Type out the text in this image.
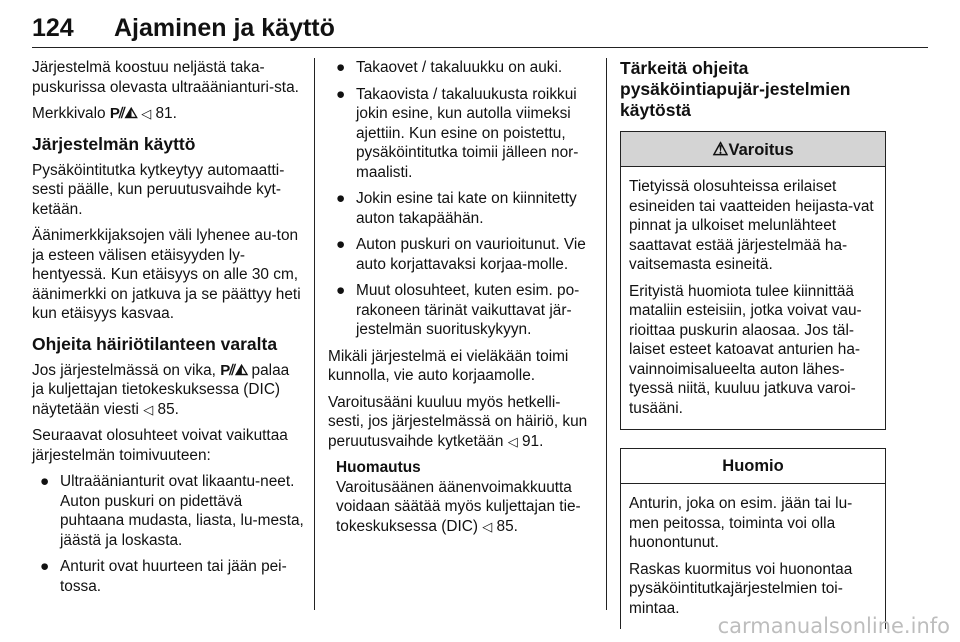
124 Ajaminen ja käyttö

Järjestelmä koostuu neljästä taka-puskurissa olevasta ultraäänianturi-sta.

Merkkivalo P⫽◭ ◁ 81.

Järjestelmän käyttö

Pysäköintitutka kytkeytyy automaatti-sesti päälle, kun peruutusvaihde kyt-ketään.

Äänimerkkijaksojen väli lyhenee au-ton ja esteen välisen etäisyyden ly-hentyessä. Kun etäisyys on alle 30 cm, äänimerkki on jatkuva ja se päättyy heti kun etäisyys kasvaa.

Ohjeita häiriötilanteen varalta

Jos järjestelmässä on vika, P⫽◭ palaa ja kuljettajan tietokeskuksessa (DIC) näytetään viesti ◁ 85.

Seuraavat olosuhteet voivat vaikuttaa järjestelmän toimivuuteen:

● Ultraäänianturit ovat likaantu-neet. Auton puskuri on pidettävä puhtaana mudasta, liasta, lu-mesta, jäästä ja loskasta.
● Anturit ovat huurteen tai jään pei-tossa.
● Takaovet / takaluukku on auki.
● Takaovista / takaluukusta roikkui jokin esine, kun autolla viimeksi ajettiin. Kun esine on poistettu, pysäköintitutka toimii jälleen nor-maalisti.
● Jokin esine tai kate on kiinnitetty auton takapäähän.
● Auton puskuri on vaurioitunut. Vie auto korjattavaksi korjaa-molle.
● Muut olosuhteet, kuten esim. po-rakoneen tärinät vaikuttavat jär-jestelmän suorituskykyyn.

Mikäli järjestelmä ei vieläkään toimi kunnolla, vie auto korjaamolle.

Varoitusääni kuuluu myös hetkelli-sesti, jos järjestelmässä on häiriö, kun peruutusvaihde kytketään ◁ 91.

Huomautus
Varoitusäänen äänenvoimakkuutta voidaan säätää myös kuljettajan tie-tokeskuksessa (DIC) ◁ 85.
Tärkeitä ohjeita pysäköintiapujär-jestelmien käytöstä
⚠Varoitus

Tietyissä olosuhteissa erilaiset esineiden tai vaatteiden heijasta-vat pinnat ja ulkoiset melunlähteet saattavat estää järjestelmää ha-vaitsemasta esineitä.

Erityistä huomiota tulee kiinnittää mataliin esteisiin, jotka voivat vau-rioittaa puskurin alaosaa. Jos täl-laiset esteet katoavat anturien ha-vainnoimisalueelta auton lähes-tyessä niitä, kuuluu jatkuva varoi-tusääni.

Huomio

Anturin, joka on esim. jään tai lu-men peitossa, toiminta voi olla huonontunut.

Raskas kuormitus voi huonontaa pysäköintitutkajärjestelmien toi-mintaa.

carmanualsonline.info
